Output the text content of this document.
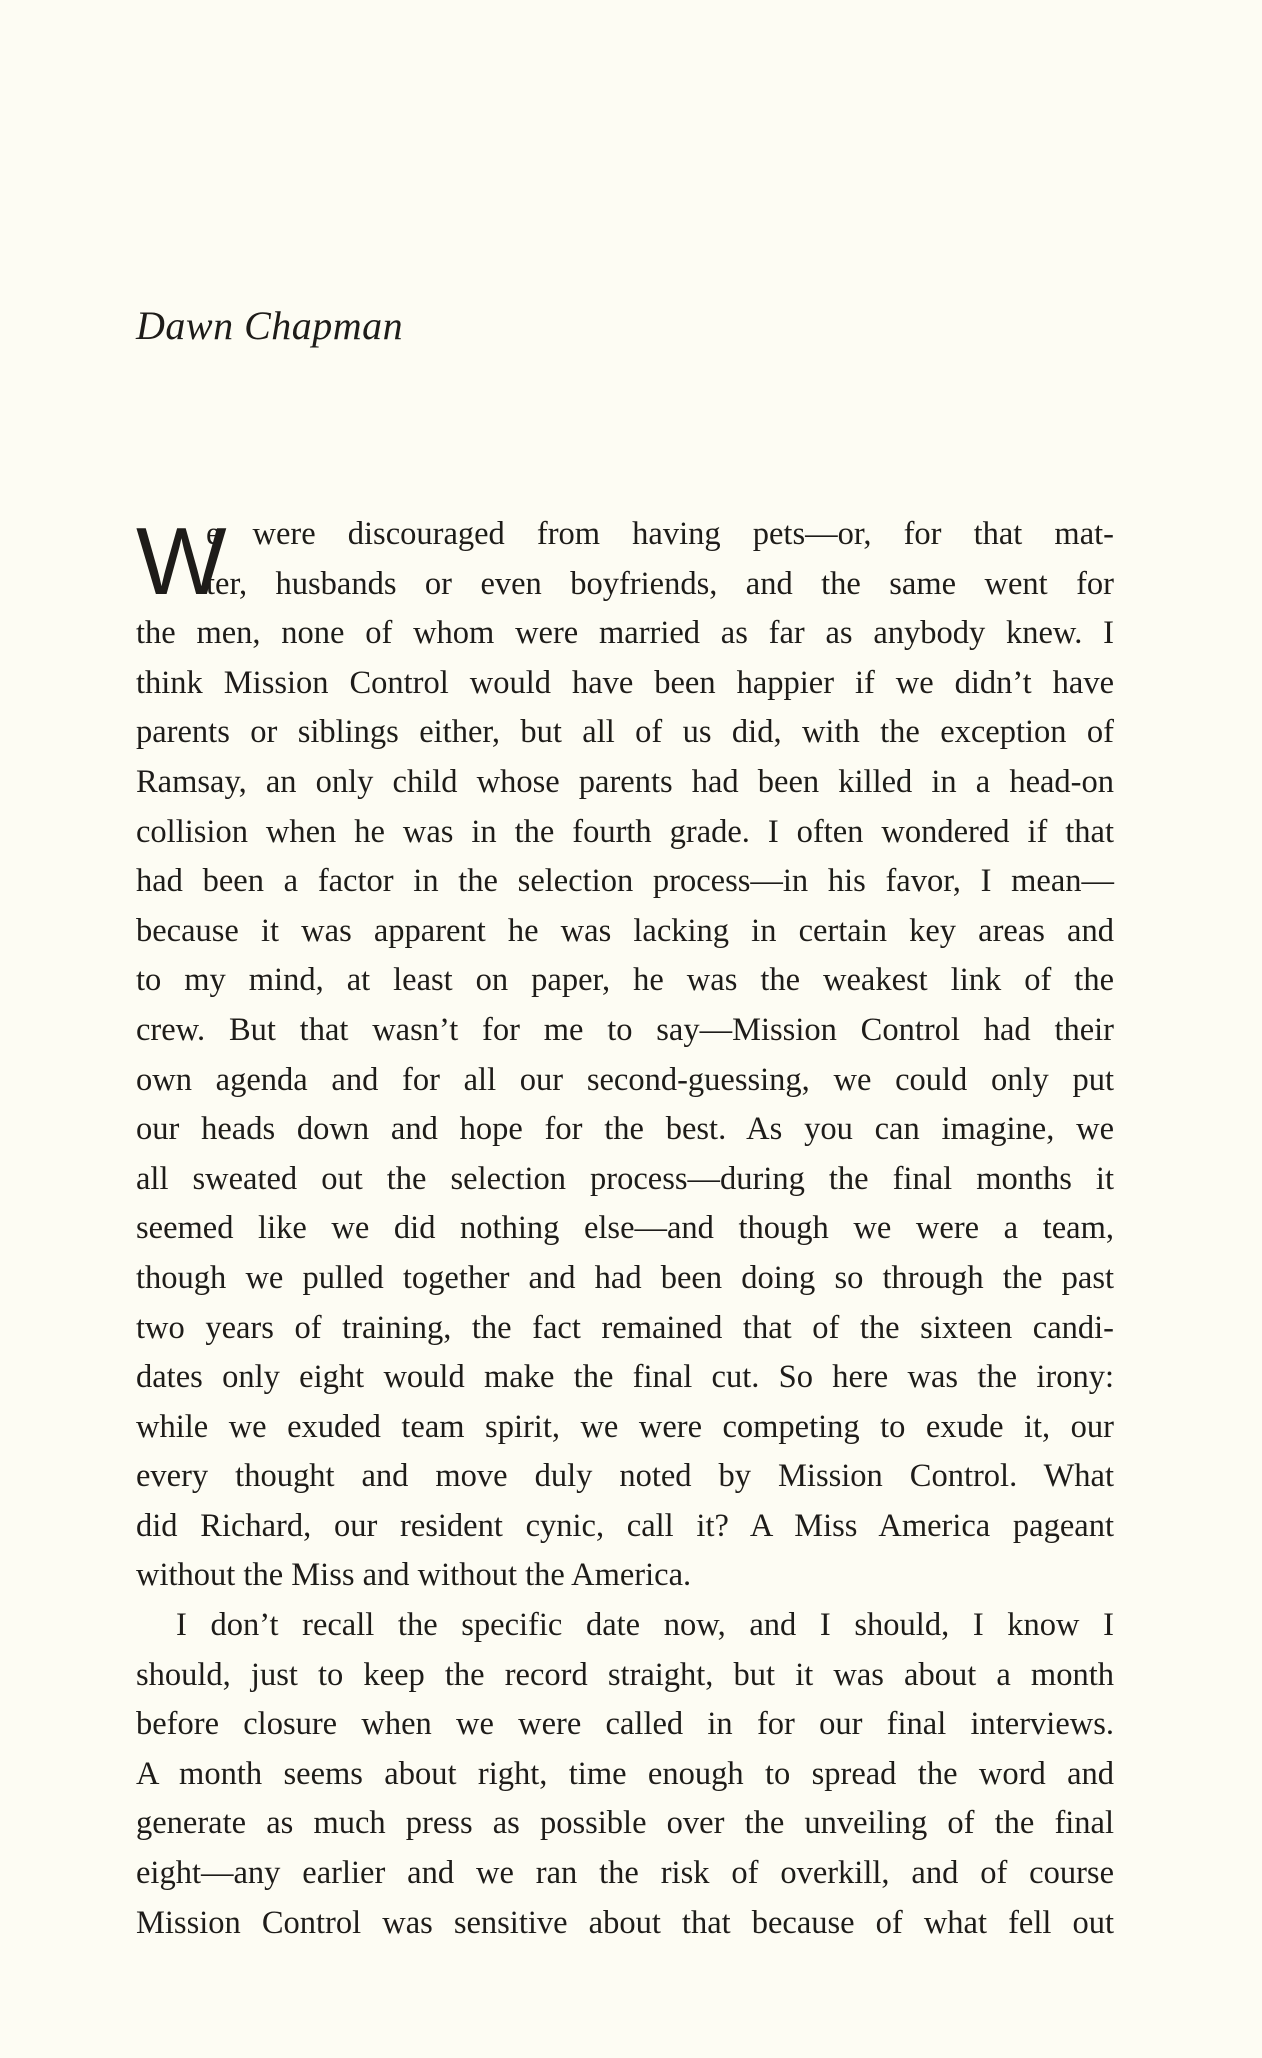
Dawn Chapman
W
e were discouraged from having pets—or, for that mat-
ter, husbands or even boyfriends, and the same went for
the men, none of whom were married as far as anybody knew. I
think Mission Control would have been happier if we didn’t have
parents or siblings either, but all of us did, with the exception of
Ramsay, an only child whose parents had been killed in a head-on
collision when he was in the fourth grade. I often wondered if that
had been a factor in the selection process—in his favor, I mean—
because it was apparent he was lacking in certain key areas and
to my mind, at least on paper, he was the weakest link of the
crew. But that wasn’t for me to say—Mission Control had their
own agenda and for all our second-guessing, we could only put
our heads down and hope for the best. As you can imagine, we
all sweated out the selection process—during the final months it
seemed like we did nothing else—and though we were a team,
though we pulled together and had been doing so through the past
two years of training, the fact remained that of the sixteen candi-
dates only eight would make the final cut. So here was the irony:
while we exuded team spirit, we were competing to exude it, our
every thought and move duly noted by Mission Control. What
did Richard, our resident cynic, call it? A Miss America pageant
without the Miss and without the America.
I don’t recall the specific date now, and I should, I know I
should, just to keep the record straight, but it was about a month
before closure when we were called in for our final interviews.
A month seems about right, time enough to spread the word and
generate as much press as possible over the unveiling of the final
eight—any earlier and we ran the risk of overkill, and of course
Mission Control was sensitive about that because of what fell out
